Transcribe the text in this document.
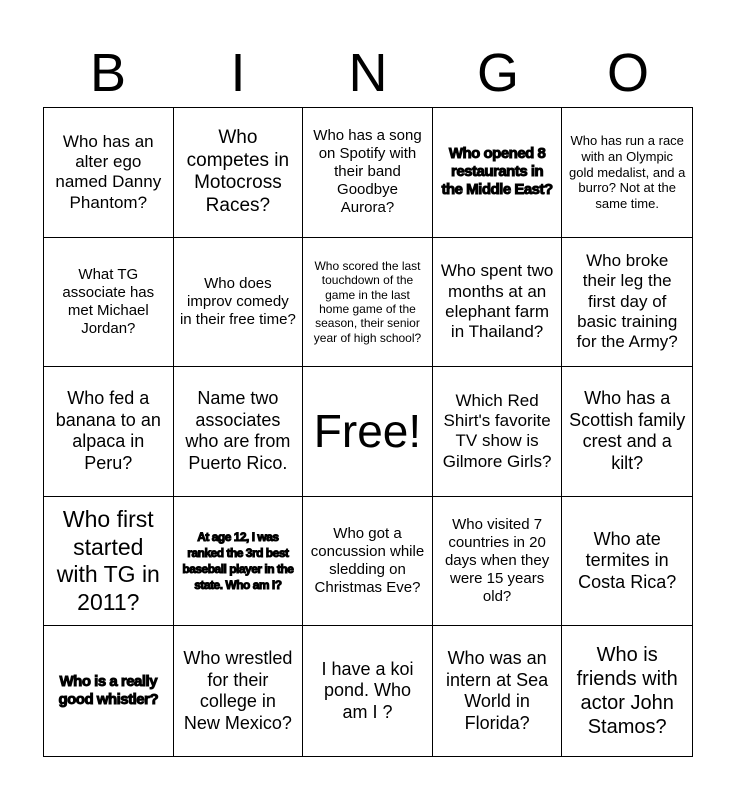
B	I	N	G	O
Who has an alter ego named Danny Phantom?
Who competes in Motocross Races?
Who has a song on Spotify with their band Goodbye Aurora?
Who opened 8 restaurants in the Middle East?
Who has run a race with an Olympic gold medalist, and a burro? Not at the same time.
What TG associate has met Michael Jordan?
Who does improv comedy in their free time?
Who scored the last touchdown of the game in the last home game of the season, their senior year of high school?
Who spent two months at an elephant farm in Thailand?
Who broke their leg the first day of basic training for the Army?
Who fed a banana to an alpaca in Peru?
Name two associates who are from Puerto Rico.
Free!
Which Red Shirt's favorite TV show is Gilmore Girls?
Who has a Scottish family crest and a kilt?
Who first started with TG in 2011?
At age 12, I was ranked the 3rd best baseball player in the state. Who am I?
Who got a concussion while sledding on Christmas Eve?
Who visited 7 countries in 20 days when they were 15 years old?
Who ate termites in Costa Rica?
Who is a really good whistler?
Who wrestled for their college in New Mexico?
I have a koi pond. Who am I ?
Who was an intern at Sea World in Florida?
Who is friends with actor John Stamos?
